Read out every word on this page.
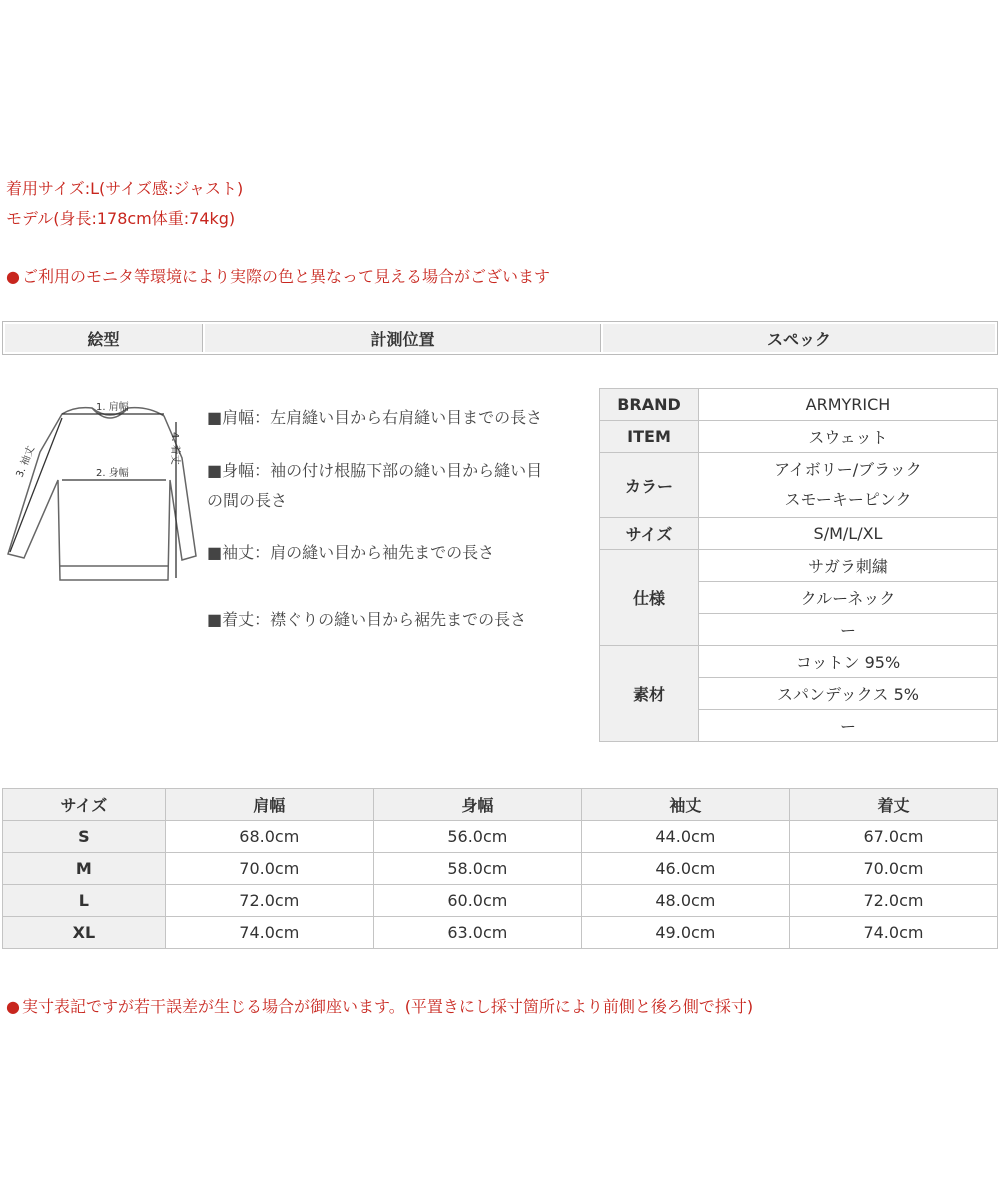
着用サイズ:L(サイズ感:ジャスト)
モデル(身長:178cm体重:74kg)
● ご利用のモニタ等環境により実際の色と異なって見える場合がございます
絵型	計測位置	スペック
1. 肩幅
2. 身幅
3. 袖丈	4. 着丈
■肩幅：左肩縫い目から右肩縫い目までの長さ
■身幅：袖の付け根脇下部の縫い目から縫い目
の間の長さ
■袖丈：肩の縫い目から袖先までの長さ
■着丈：襟ぐりの縫い目から裾先までの長さ
BRAND	ARMYRICH
ITEM	スウェット
カラー	アイボリー/ブラック
スモーキーピンク

サイズ	S/M/L/XL
仕様	サガラ刺繍
	クルーネック
	ー
素材	コットン 95%
	スパンデックス 5%
	ー
サイズ	肩幅	身幅	袖丈	着丈
S	68.0cm	56.0cm	44.0cm	67.0cm
M	70.0cm	58.0cm	46.0cm	70.0cm
L	72.0cm	60.0cm	48.0cm	72.0cm
XL	74.0cm	63.0cm	49.0cm	74.0cm
● 実寸表記ですが若干誤差が生じる場合が御座います。(平置きにし採寸箇所により前側と後ろ側で採寸)
